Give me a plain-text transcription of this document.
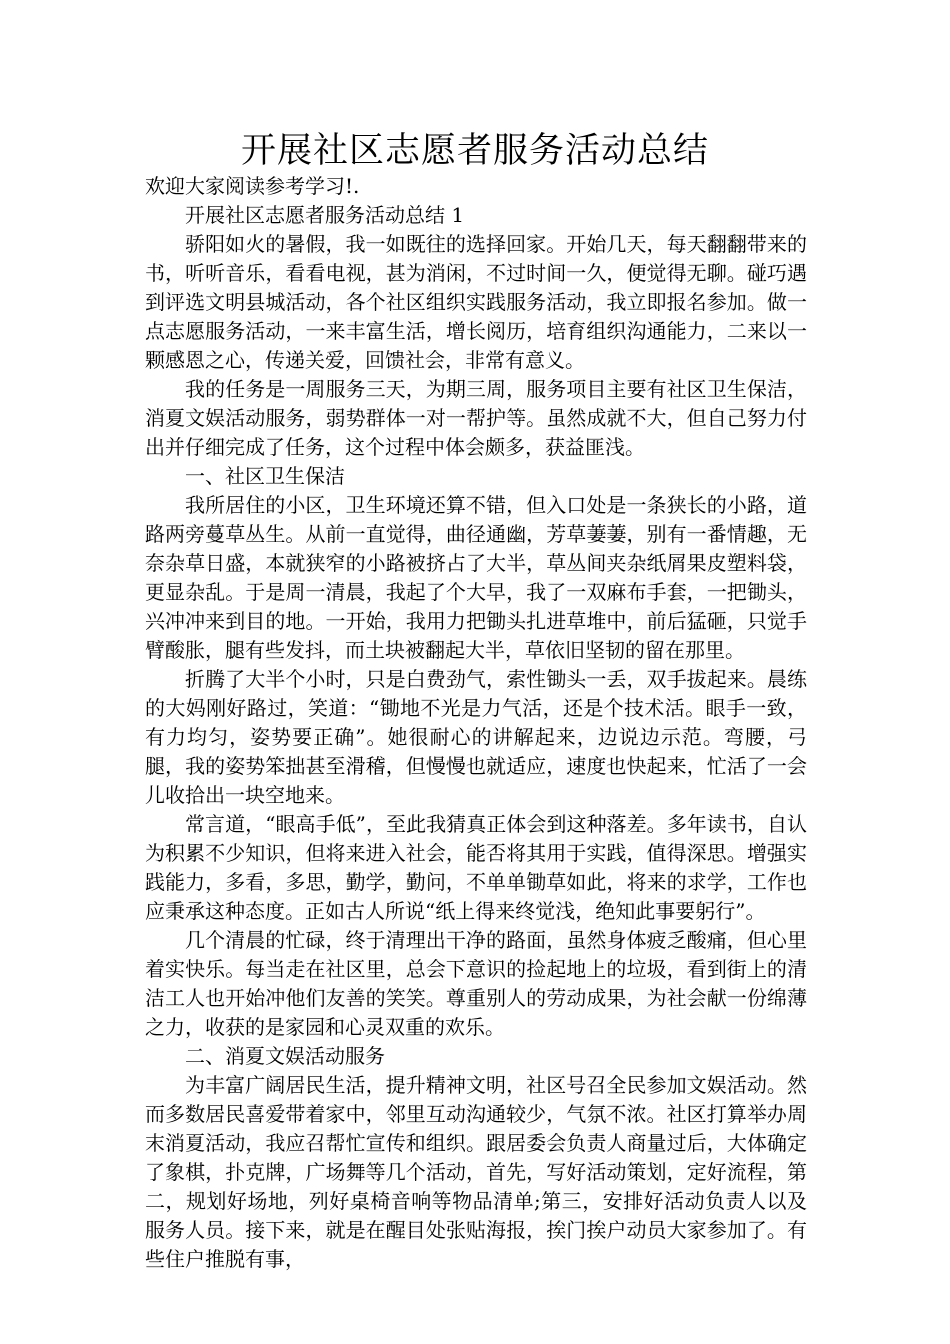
开展社区志愿者服务活动总结

欢迎大家阅读参考学习!.

开展社区志愿者服务活动总结 1

骄阳如火的暑假，我一如既往的选择回家。开始几天，每天翻翻带来的书，听听音乐，看看电视，甚为消闲，不过时间一久，便觉得无聊。碰巧遇到评选文明县城活动，各个社区组织实践服务活动，我立即报名参加。做一点志愿服务活动，一来丰富生活，增长阅历，培育组织沟通能力，二来以一颗感恩之心，传递关爱，回馈社会，非常有意义。

我的任务是一周服务三天，为期三周，服务项目主要有社区卫生保洁，消夏文娱活动服务，弱势群体一对一帮护等。虽然成就不大，但自己努力付出并仔细完成了任务，这个过程中体会颇多，获益匪浅。

一、社区卫生保洁

我所居住的小区，卫生环境还算不错，但入口处是一条狭长的小路，道路两旁蔓草丛生。从前一直觉得，曲径通幽，芳草萋萋，别有一番情趣，无奈杂草日盛，本就狭窄的小路被挤占了大半，草丛间夹杂纸屑果皮塑料袋，更显杂乱。于是周一清晨，我起了个大早，我了一双麻布手套，一把锄头，兴冲冲来到目的地。一开始，我用力把锄头扎进草堆中，前后猛砸，只觉手臂酸胀，腿有些发抖，而土块被翻起大半，草依旧坚韧的留在那里。

折腾了大半个小时，只是白费劲气，索性锄头一丢，双手拔起来。晨练的大妈刚好路过，笑道：“锄地不光是力气活，还是个技术活。眼手一致，有力均匀，姿势要正确”。她很耐心的讲解起来，边说边示范。弯腰，弓腿，我的姿势笨拙甚至滑稽，但慢慢也就适应，速度也快起来，忙活了一会儿收拾出一块空地来。

常言道，“眼高手低”，至此我猜真正体会到这种落差。多年读书，自认为积累不少知识，但将来进入社会，能否将其用于实践，值得深思。增强实践能力，多看，多思，勤学，勤问，不单单锄草如此，将来的求学，工作也应秉承这种态度。正如古人所说“纸上得来终觉浅，绝知此事要躬行”。

几个清晨的忙碌，终于清理出干净的路面，虽然身体疲乏酸痛，但心里着实快乐。每当走在社区里，总会下意识的捡起地上的垃圾，看到街上的清洁工人也开始冲他们友善的笑笑。尊重别人的劳动成果，为社会献一份绵薄之力，收获的是家园和心灵双重的欢乐。

二、消夏文娱活动服务

为丰富广阔居民生活，提升精神文明，社区号召全民参加文娱活动。然而多数居民喜爱带着家中，邻里互动沟通较少，气氛不浓。社区打算举办周末消夏活动，我应召帮忙宣传和组织。跟居委会负责人商量过后，大体确定了象棋，扑克牌，广场舞等几个活动，首先，写好活动策划，定好流程，第二，规划好场地，列好桌椅音响等物品清单;第三，安排好活动负责人以及服务人员。接下来，就是在醒目处张贴海报，挨门挨户动员大家参加了。有些住户推脱有事，
